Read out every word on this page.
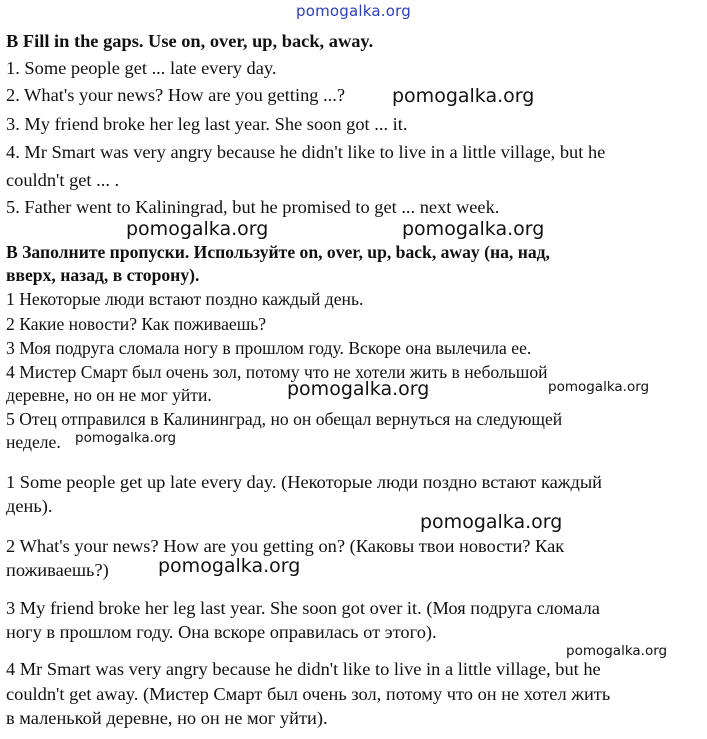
pomogalka.org
pomogalka.org
pomogalka.org	pomogalka.org
pomogalka.org	pomogalka.org
pomogalka.org
pomogalka.org
pomogalka.org
pomogalka.org
B Fill in the gaps. Use on, over, up, back, away.
1. Some people get ... late every day.
2. What's your news? How are you getting ...?
3. My friend broke her leg last year. She soon got ... it.
4. Mr Smart was very angry because he didn't like to live in a little village, but he
couldn't get ... .
5. Father went to Kaliningrad, but he promised to get ... next week.
В Заполните пропуски. Используйте on, over, up, back, away (на, над,
вверх, назад, в сторону).
1 Некоторые люди встают поздно каждый день.
2 Какие новости? Как поживаешь?
3 Моя подруга сломала ногу в прошлом году. Вскоре она вылечила ее.
4 Мистер Смарт был очень зол, потому что не хотели жить в небольшой
деревне, но он не мог уйти.
5 Отец отправился в Калининград, но он обещал вернуться на следующей
неделе.
1 Some people get up late every day. (Некоторые люди поздно встают каждый
день).
2 What's your news? How are you getting on? (Каковы твои новости? Как
поживаешь?)
3 My friend broke her leg last year. She soon got over it. (Моя подруга сломала
ногу в прошлом году. Она вскоре оправилась от этого).
4 Mr Smart was very angry because he didn't like to live in a little village, but he
couldn't get away. (Мистер Смарт был очень зол, потому что он не хотел жить
в маленькой деревне, но он не мог уйти).
